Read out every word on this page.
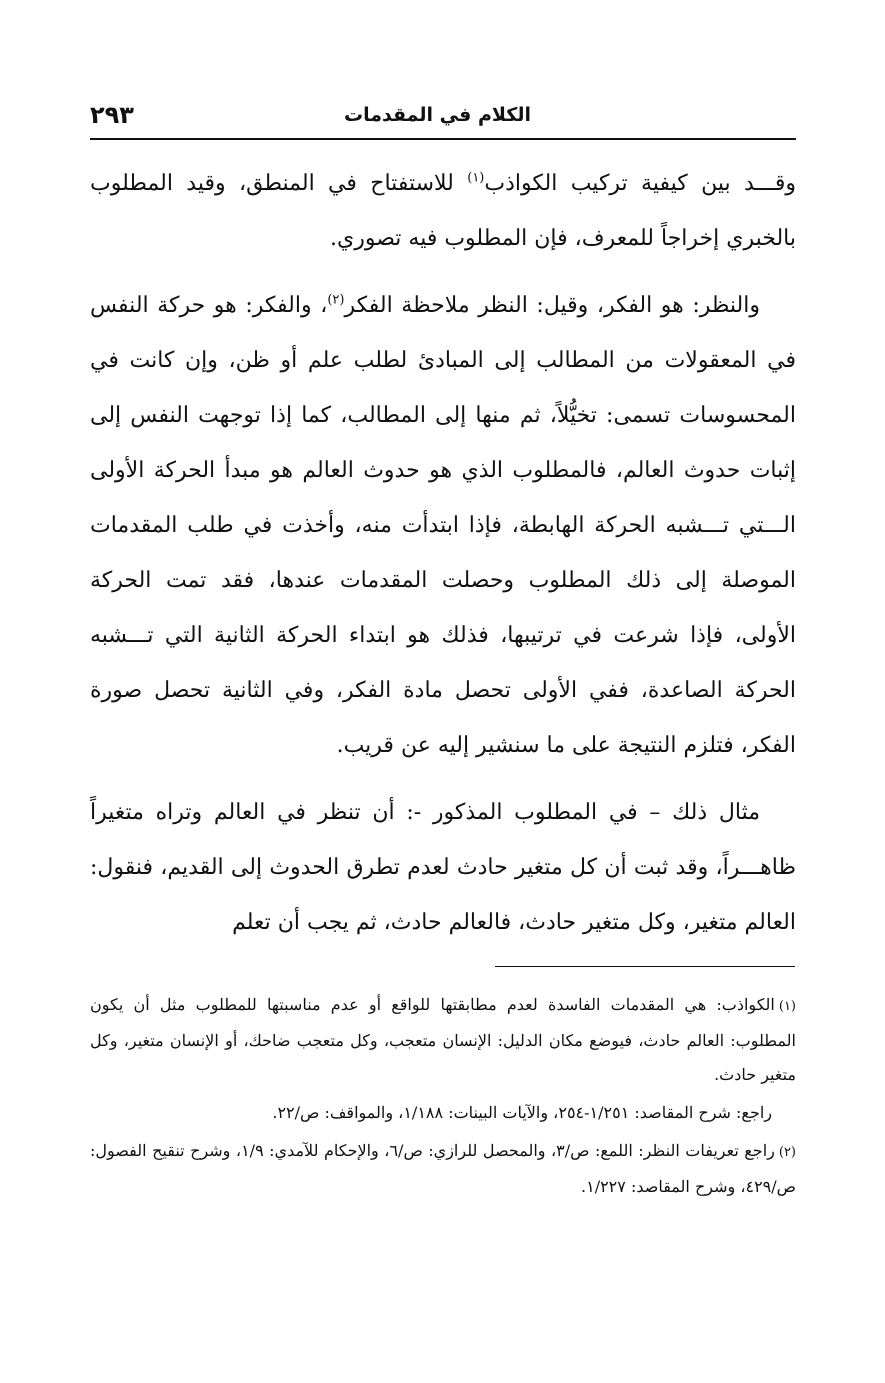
الكلام في المقدمات
٢٩٣

وقـــد بين كيفية تركيب الكواذب$^{(١)}$ للاستفتاح في المنطق، وقيد المطلوب بالخبري إخراجاً للمعرف، فإن المطلوب فيه تصوري.

والنظر: هو الفكر، وقيل: النظر ملاحظة الفكر$^{(٢)}$، والفكر: هو حركة النفس في المعقولات من المطالب إلى المبادئ لطلب علم أو ظن، وإن كانت في المحسوسات تسمى: تخيُّلاً، ثم منها إلى المطالب، كما إذا توجهت النفس إلى إثبات حدوث العالم، فالمطلوب الذي هو حدوث العالم هو مبدأ الحركة الأولى الـــتي تـــشبه الحركة الهابطة، فإذا ابتدأت منه، وأخذت في طلب المقدمات الموصلة إلى ذلك المطلوب وحصلت المقدمات عندها، فقد تمت الحركة الأولى، فإذا شرعت في ترتيبها، فذلك هو ابتداء الحركة الثانية التي تـــشبه الحركة الصاعدة، ففي الأولى تحصل مادة الفكر، وفي الثانية تحصل صورة الفكر، فتلزم النتيجة على ما سنشير إليه عن قريب.

مثال ذلك – في المطلوب المذكور -: أن تنظر في العالم وتراه متغيراً ظاهـــراً، وقد ثبت أن كل متغير حادث لعدم تطرق الحدوث إلى القديم، فنقول: العالم متغير، وكل متغير حادث، فالعالم حادث، ثم يجب أن تعلم

(١)الكواذب: هي المقدمات الفاسدة لعدم مطابقتها للواقع أو عدم مناسبتها للمطلوب مثل أن يكون المطلوب: العالم حادث، فيوضع مكان الدليل: الإنسان متعجب، وكل متعجب ضاحك، أو الإنسان متغير، وكل متغير حادث.

راجع: شرح المقاصد: ١/٢٥١-٢٥٤، والآيات البينات: ١/١٨٨، والمواقف: ص/٢٢.

(٢)راجع تعريفات النظر: اللمع: ص/٣، والمحصل للرازي: ص/٦، والإحكام للآمدي: ١/٩، وشرح تنقيح الفصول: ص/٤٢٩، وشرح المقاصد: ١/٢٢٧.
